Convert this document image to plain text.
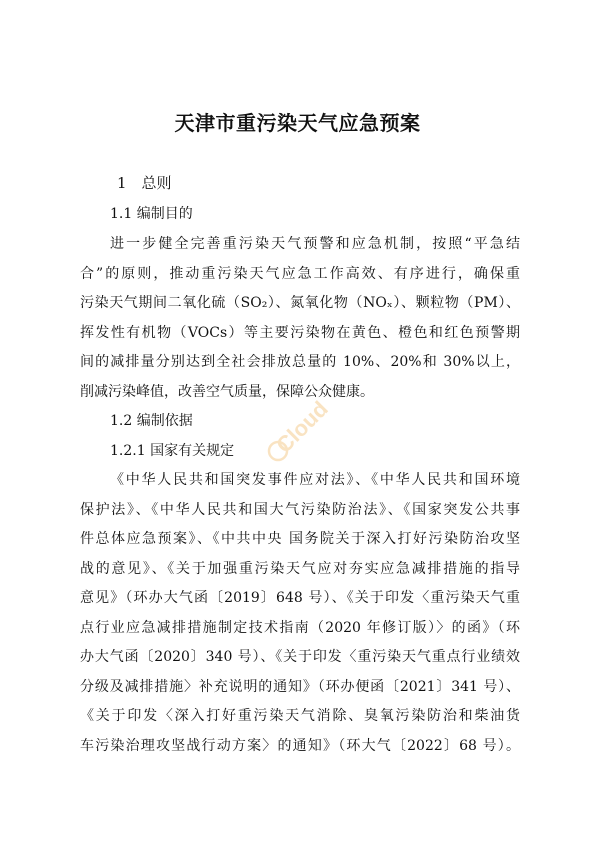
天津市重污染天气应急预案
1 总则
1.1 编制目的
进一步健全完善重污染天气预警和应急机制，按照“平急结
合”的原则，推动重污染天气应急工作高效、有序进行，确保重
污染天气期间二氧化硫（SO₂）、氮氧化物（NOₓ）、颗粒物（PM）、
挥发性有机物（VOCs）等主要污染物在黄色、橙色和红色预警期
间的减排量分别达到全社会排放总量的 10%、20%和 30%以上，
削减污染峰值，改善空气质量，保障公众健康。
1.2 编制依据
1.2.1 国家有关规定
《中华人民共和国突发事件应对法》、《中华人民共和国环境
保护法》、《中华人民共和国大气污染防治法》、《国家突发公共事
件总体应急预案》、《中共中央 国务院关于深入打好污染防治攻坚
战的意见》、《关于加强重污染天气应对夯实应急减排措施的指导
意见》（环办大气函〔2019〕648 号）、《关于印发〈重污染天气重
点行业应急减排措施制定技术指南（2020 年修订版）〉的函》（环
办大气函〔2020〕340 号）、《关于印发〈重污染天气重点行业绩效
分级及减排措施〉补充说明的通知》（环办便函〔2021〕341 号）、
《关于印发〈深入打好重污染天气消除、臭氧污染防治和柴油货
车污染治理攻坚战行动方案〉的通知》（环大气〔2022〕68 号）。
Cloud
